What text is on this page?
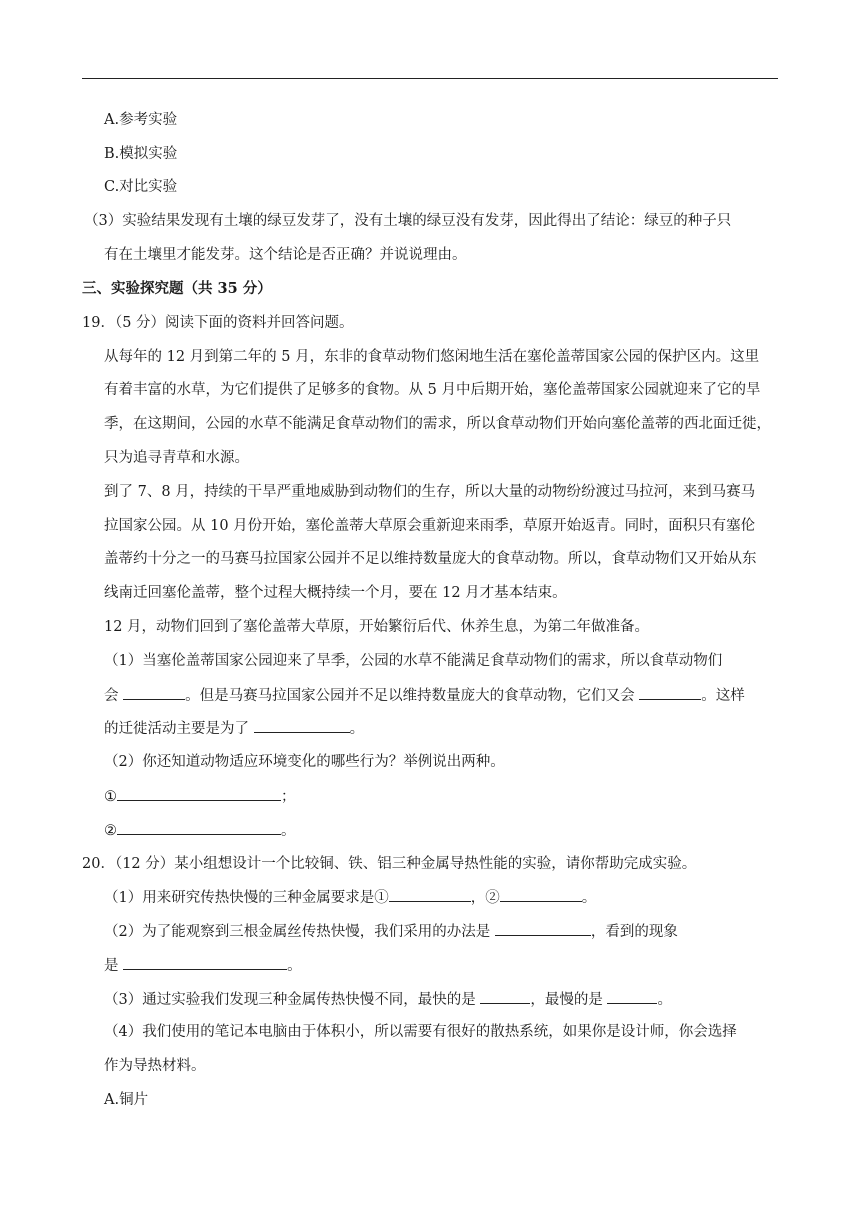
A.参考实验
B.模拟实验
C.对比实验
（3）实验结果发现有土壤的绿豆发芽了，没有土壤的绿豆没有发芽，因此得出了结论：绿豆的种子只
有在土壤里才能发芽。这个结论是否正确？并说说理由。
三、实验探究题（共 35 分）
19．（5 分）阅读下面的资料并回答问题。
从每年的 12 月到第二年的 5 月，东非的食草动物们悠闲地生活在塞伦盖蒂国家公园的保护区内。这里
有着丰富的水草，为它们提供了足够多的食物。从 5 月中后期开始，塞伦盖蒂国家公园就迎来了它的旱
季，在这期间，公园的水草不能满足食草动物们的需求，所以食草动物们开始向塞伦盖蒂的西北面迁徙，
只为追寻青草和水源。
到了 7、8 月，持续的干旱严重地威胁到动物们的生存，所以大量的动物纷纷渡过马拉河，来到马赛马
拉国家公园。从 10 月份开始，塞伦盖蒂大草原会重新迎来雨季，草原开始返青。同时，面积只有塞伦
盖蒂约十分之一的马赛马拉国家公园并不足以维持数量庞大的食草动物。所以，食草动物们又开始从东
线南迁回塞伦盖蒂，整个过程大概持续一个月，要在 12 月才基本结束。
12 月，动物们回到了塞伦盖蒂大草原，开始繁衍后代、休养生息，为第二年做准备。
（1）当塞伦盖蒂国家公园迎来了旱季，公园的水草不能满足食草动物们的需求，所以食草动物们
会	。但是马赛马拉国家公园并不足以维持数量庞大的食草动物，它们又会	。这样
的迁徙活动主要是为了	。
（2）你还知道动物适应环境变化的哪些行为？举例说出两种。
①	；
②	。
20．（12 分）某小组想设计一个比较铜、铁、铝三种金属导热性能的实验，请你帮助完成实验。
（1）用来研究传热快慢的三种金属要求是①	，②	。
（2）为了能观察到三根金属丝传热快慢，我们采用的办法是	，看到的现象
是	。
（3）通过实验我们发现三种金属传热快慢不同，最快的是	，最慢的是	。
（4）我们使用的笔记本电脑由于体积小，所以需要有很好的散热系统，如果你是设计师，你会选择
作为导热材料。
A.铜片
